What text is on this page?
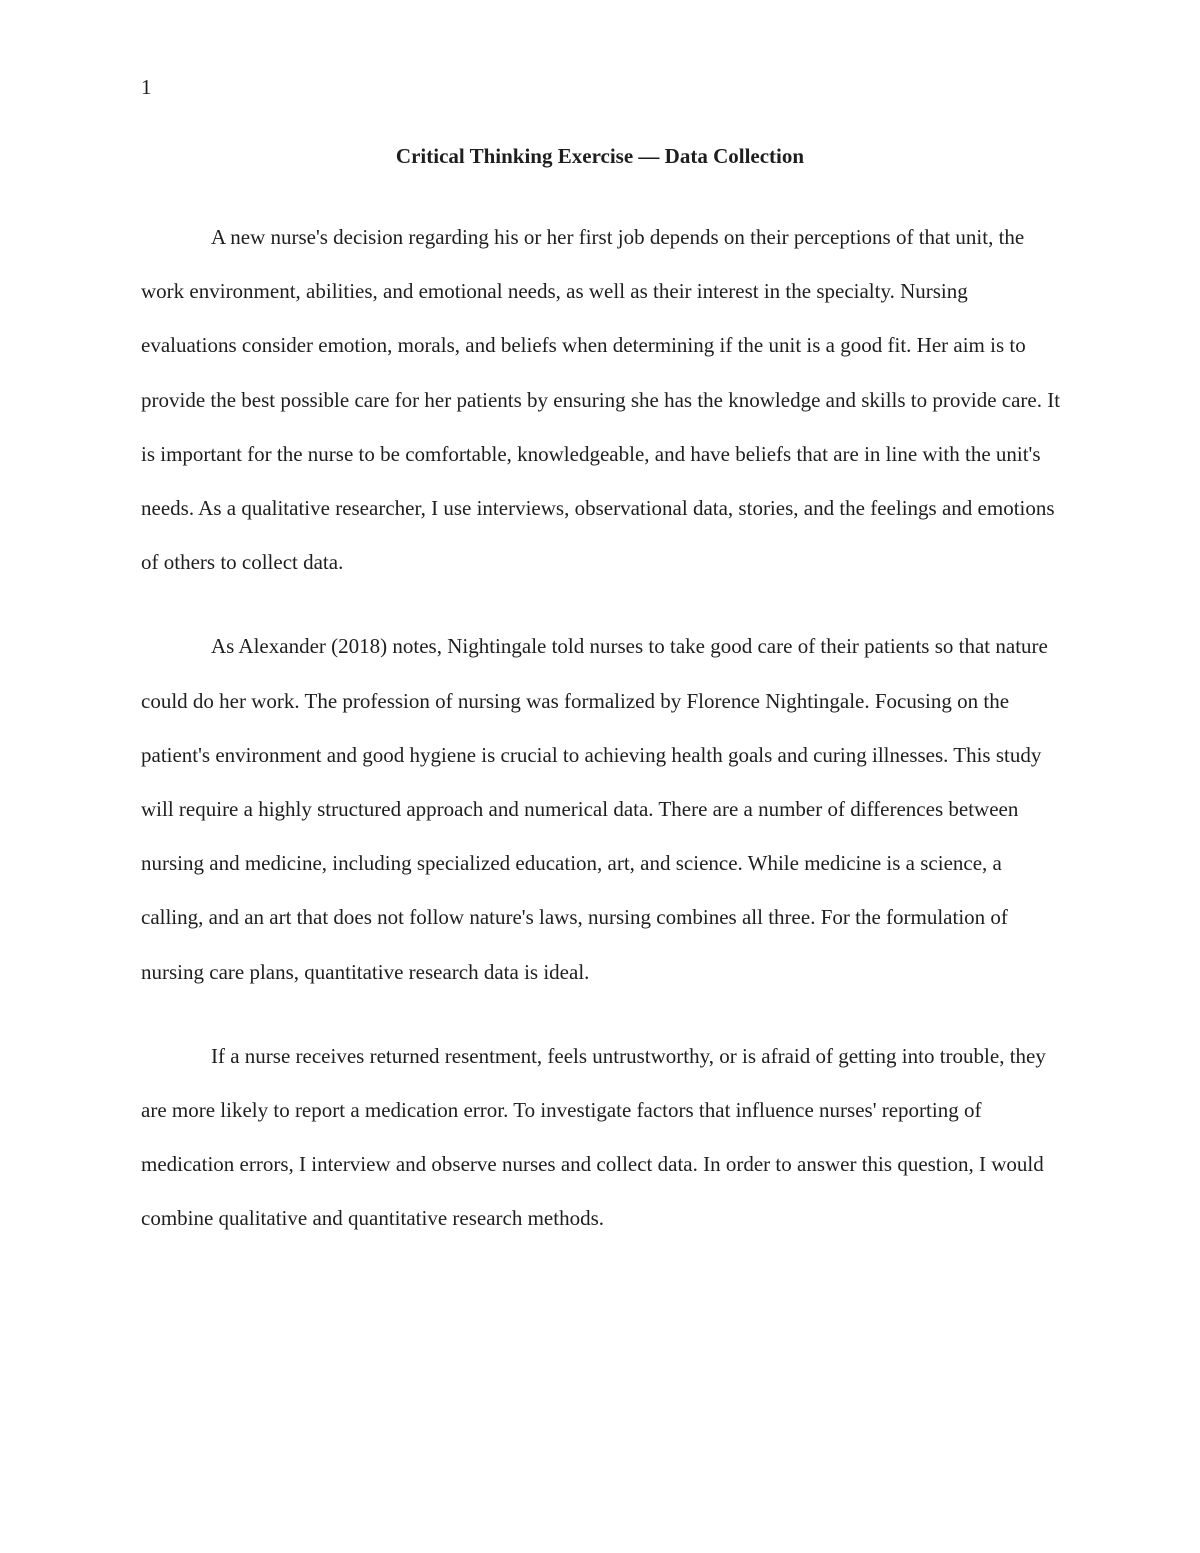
1
Critical Thinking Exercise — Data Collection

A new nurse's decision regarding his or her first job depends on their perceptions of that unit, the work environment, abilities, and emotional needs, as well as their interest in the specialty. Nursing evaluations consider emotion, morals, and beliefs when determining if the unit is a good fit. Her aim is to provide the best possible care for her patients by ensuring she has the knowledge and skills to provide care. It is important for the nurse to be comfortable, knowledgeable, and have beliefs that are in line with the unit's needs. As a qualitative researcher, I use interviews, observational data, stories, and the feelings and emotions of others to collect data.

As Alexander (2018) notes, Nightingale told nurses to take good care of their patients so that nature could do her work. The profession of nursing was formalized by Florence Nightingale. Focusing on the patient's environment and good hygiene is crucial to achieving health goals and curing illnesses. This study will require a highly structured approach and numerical data. There are a number of differences between nursing and medicine, including specialized education, art, and science. While medicine is a science, a calling, and an art that does not follow nature's laws, nursing combines all three. For the formulation of nursing care plans, quantitative research data is ideal.

If a nurse receives returned resentment, feels untrustworthy, or is afraid of getting into trouble, they are more likely to report a medication error. To investigate factors that influence nurses' reporting of medication errors, I interview and observe nurses and collect data. In order to answer this question, I would combine qualitative and quantitative research methods.
